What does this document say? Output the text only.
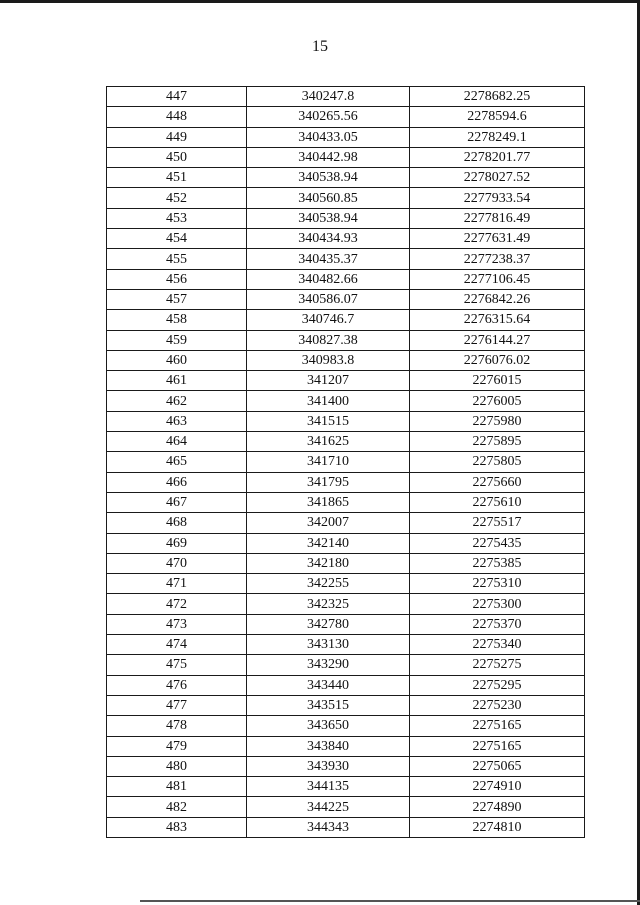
15
447	340247.8	2278682.25
448	340265.56	2278594.6
449	340433.05	2278249.1
450	340442.98	2278201.77
451	340538.94	2278027.52
452	340560.85	2277933.54
453	340538.94	2277816.49
454	340434.93	2277631.49
455	340435.37	2277238.37
456	340482.66	2277106.45
457	340586.07	2276842.26
458	340746.7	2276315.64
459	340827.38	2276144.27
460	340983.8	2276076.02
461	341207	2276015
462	341400	2276005
463	341515	2275980
464	341625	2275895
465	341710	2275805
466	341795	2275660
467	341865	2275610
468	342007	2275517
469	342140	2275435
470	342180	2275385
471	342255	2275310
472	342325	2275300
473	342780	2275370
474	343130	2275340
475	343290	2275275
476	343440	2275295
477	343515	2275230
478	343650	2275165
479	343840	2275165
480	343930	2275065
481	344135	2274910
482	344225	2274890
483	344343	2274810
